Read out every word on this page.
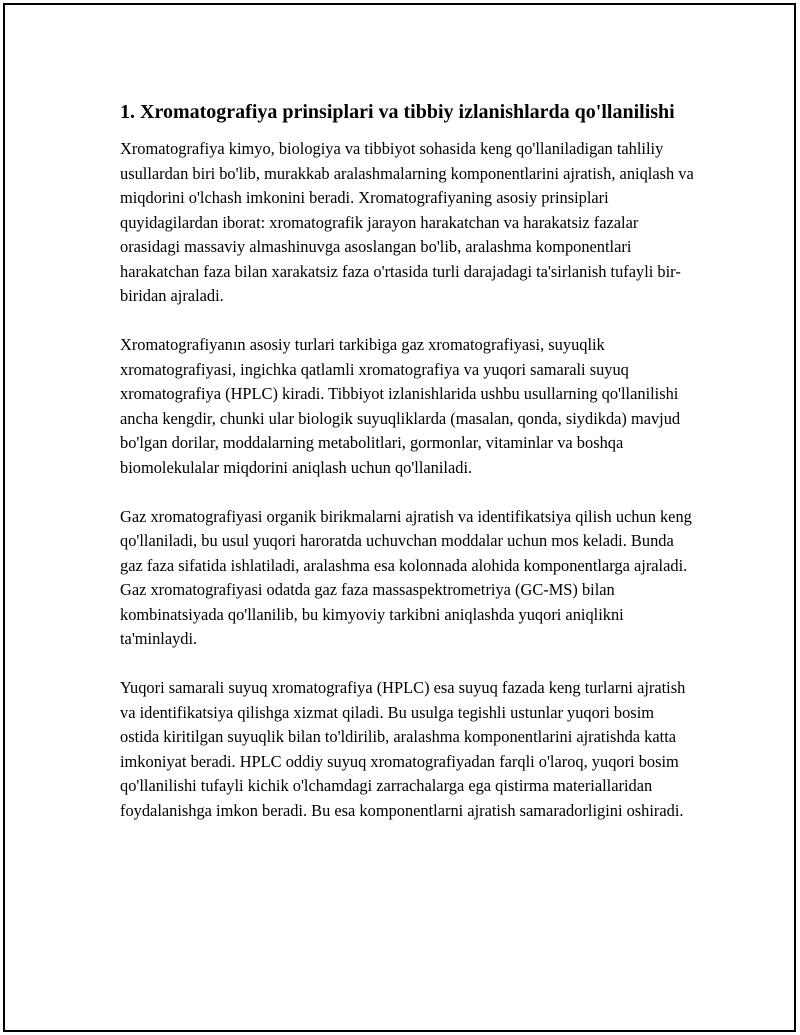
1. Xromatografiya prinsiplari va tibbiy izlanishlarda qo'llanilishi

Xromatografiya kimyo, biologiya va tibbiyot sohasida keng qo'llaniladigan tahliliy usullardan biri bo'lib, murakkab aralashmalarning komponentlarini ajratish, aniqlash va miqdorini o'lchash imkonini beradi. Xromatografiyaning asosiy prinsiplari quyidagilardan iborat: xromatografik jarayon harakatchan va harakatsiz fazalar orasidagi massaviy almashinuvga asoslangan bo'lib, aralashma komponentlari harakatchan faza bilan xarakatsiz faza o'rtasida turli darajadagi ta'sirlanish tufayli bir-biridan ajraladi.

Xromatografiyanın asosiy turlari tarkibiga gaz xromatografiyasi, suyuqlik xromatografiyasi, ingichka qatlamli xromatografiya va yuqori samarali suyuq xromatografiya (HPLC) kiradi. Tibbiyot izlanishlarida ushbu usullarning qo'llanilishi ancha kengdir, chunki ular biologik suyuqliklarda (masalan, qonda, siydikda) mavjud bo'lgan dorilar, moddalarning metabolitlari, gormonlar, vitaminlar va boshqa biomolekulalar miqdorini aniqlash uchun qo'llaniladi.

Gaz xromatografiyasi organik birikmalarni ajratish va identifikatsiya qilish uchun keng qo'llaniladi, bu usul yuqori haroratda uchuvchan moddalar uchun mos keladi. Bunda gaz faza sifatida ishlatiladi, aralashma esa kolonnada alohida komponentlarga ajraladi. Gaz xromatografiyasi odatda gaz faza massaspektrometriya (GC-MS) bilan kombinatsiyada qo'llanilib, bu kimyoviy tarkibni aniqlashda yuqori aniqlikni ta'minlaydi.

Yuqori samarali suyuq xromatografiya (HPLC) esa suyuq fazada keng turlarni ajratish va identifikatsiya qilishga xizmat qiladi. Bu usulga tegishli ustunlar yuqori bosim ostida kiritilgan suyuqlik bilan to'ldirilib, aralashma komponentlarini ajratishda katta imkoniyat beradi. HPLC oddiy suyuq xromatografiyadan farqli o'laroq, yuqori bosim qo'llanilishi tufayli kichik o'lchamdagi zarrachalarga ega qistirma materiallaridan foydalanishga imkon beradi. Bu esa komponentlarni ajratish samaradorligini oshiradi.
